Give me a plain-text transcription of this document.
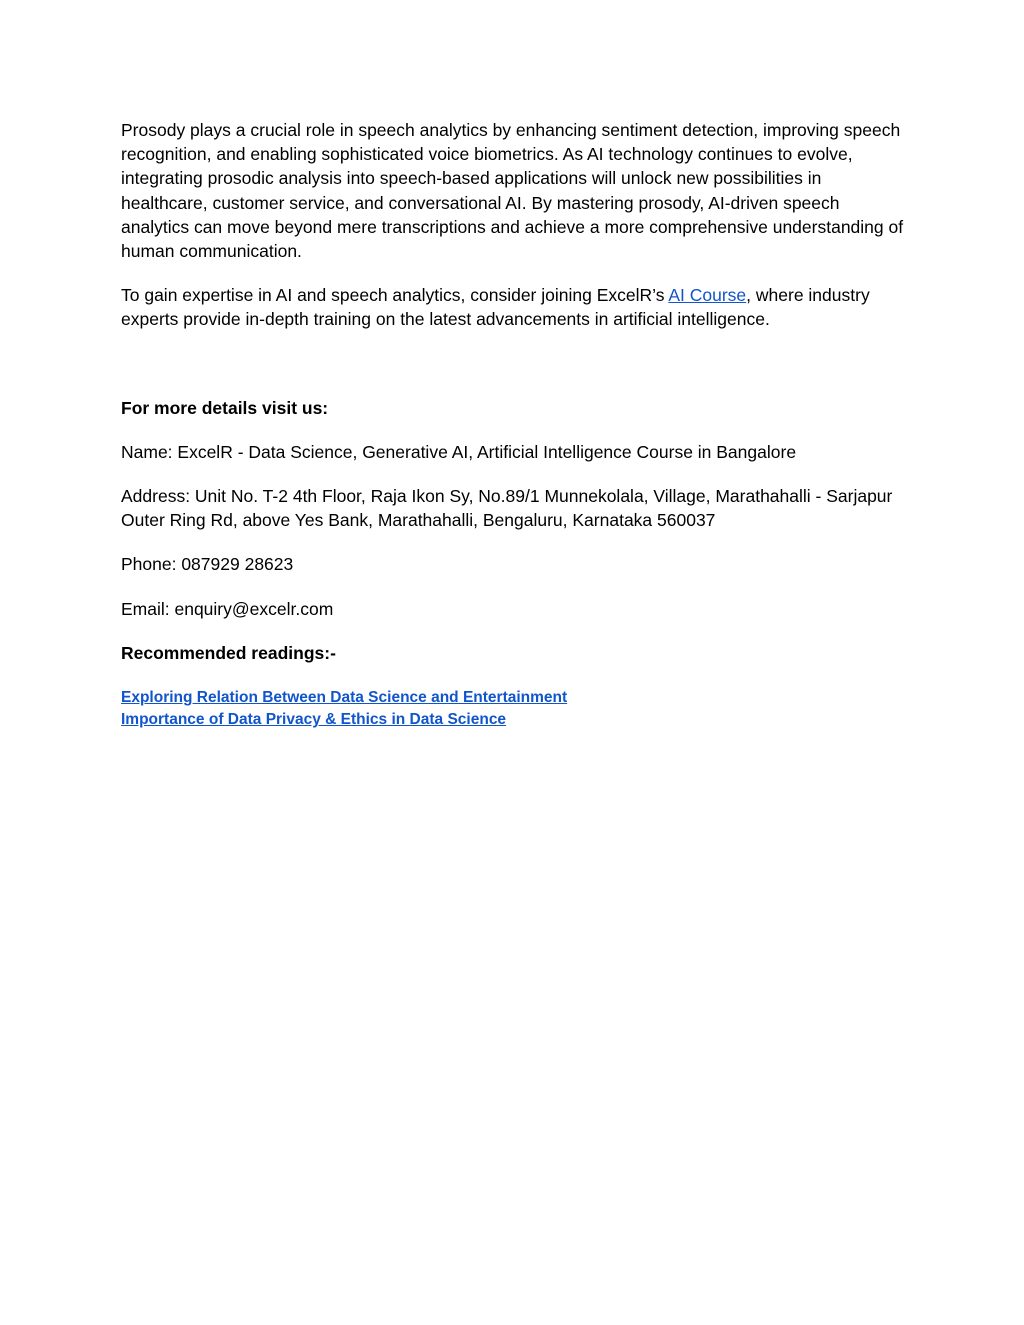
Prosody plays a crucial role in speech analytics by enhancing sentiment detection, improving speech recognition, and enabling sophisticated voice biometrics. As AI technology continues to evolve, integrating prosodic analysis into speech-based applications will unlock new possibilities in healthcare, customer service, and conversational AI. By mastering prosody, AI-driven speech analytics can move beyond mere transcriptions and achieve a more comprehensive understanding of human communication.

To gain expertise in AI and speech analytics, consider joining ExcelR’s AI Course, where industry experts provide in-depth training on the latest advancements in artificial intelligence.

For more details visit us:

Name: ExcelR - Data Science, Generative AI, Artificial Intelligence Course in Bangalore

Address: Unit No. T-2 4th Floor, Raja Ikon Sy, No.89/1 Munnekolala, Village, Marathahalli - Sarjapur Outer Ring Rd, above Yes Bank, Marathahalli, Bengaluru, Karnataka 560037

Phone: 087929 28623

Email: enquiry@excelr.com

Recommended readings:-

Exploring Relation Between Data Science and Entertainment
Importance of Data Privacy & Ethics in Data Science
